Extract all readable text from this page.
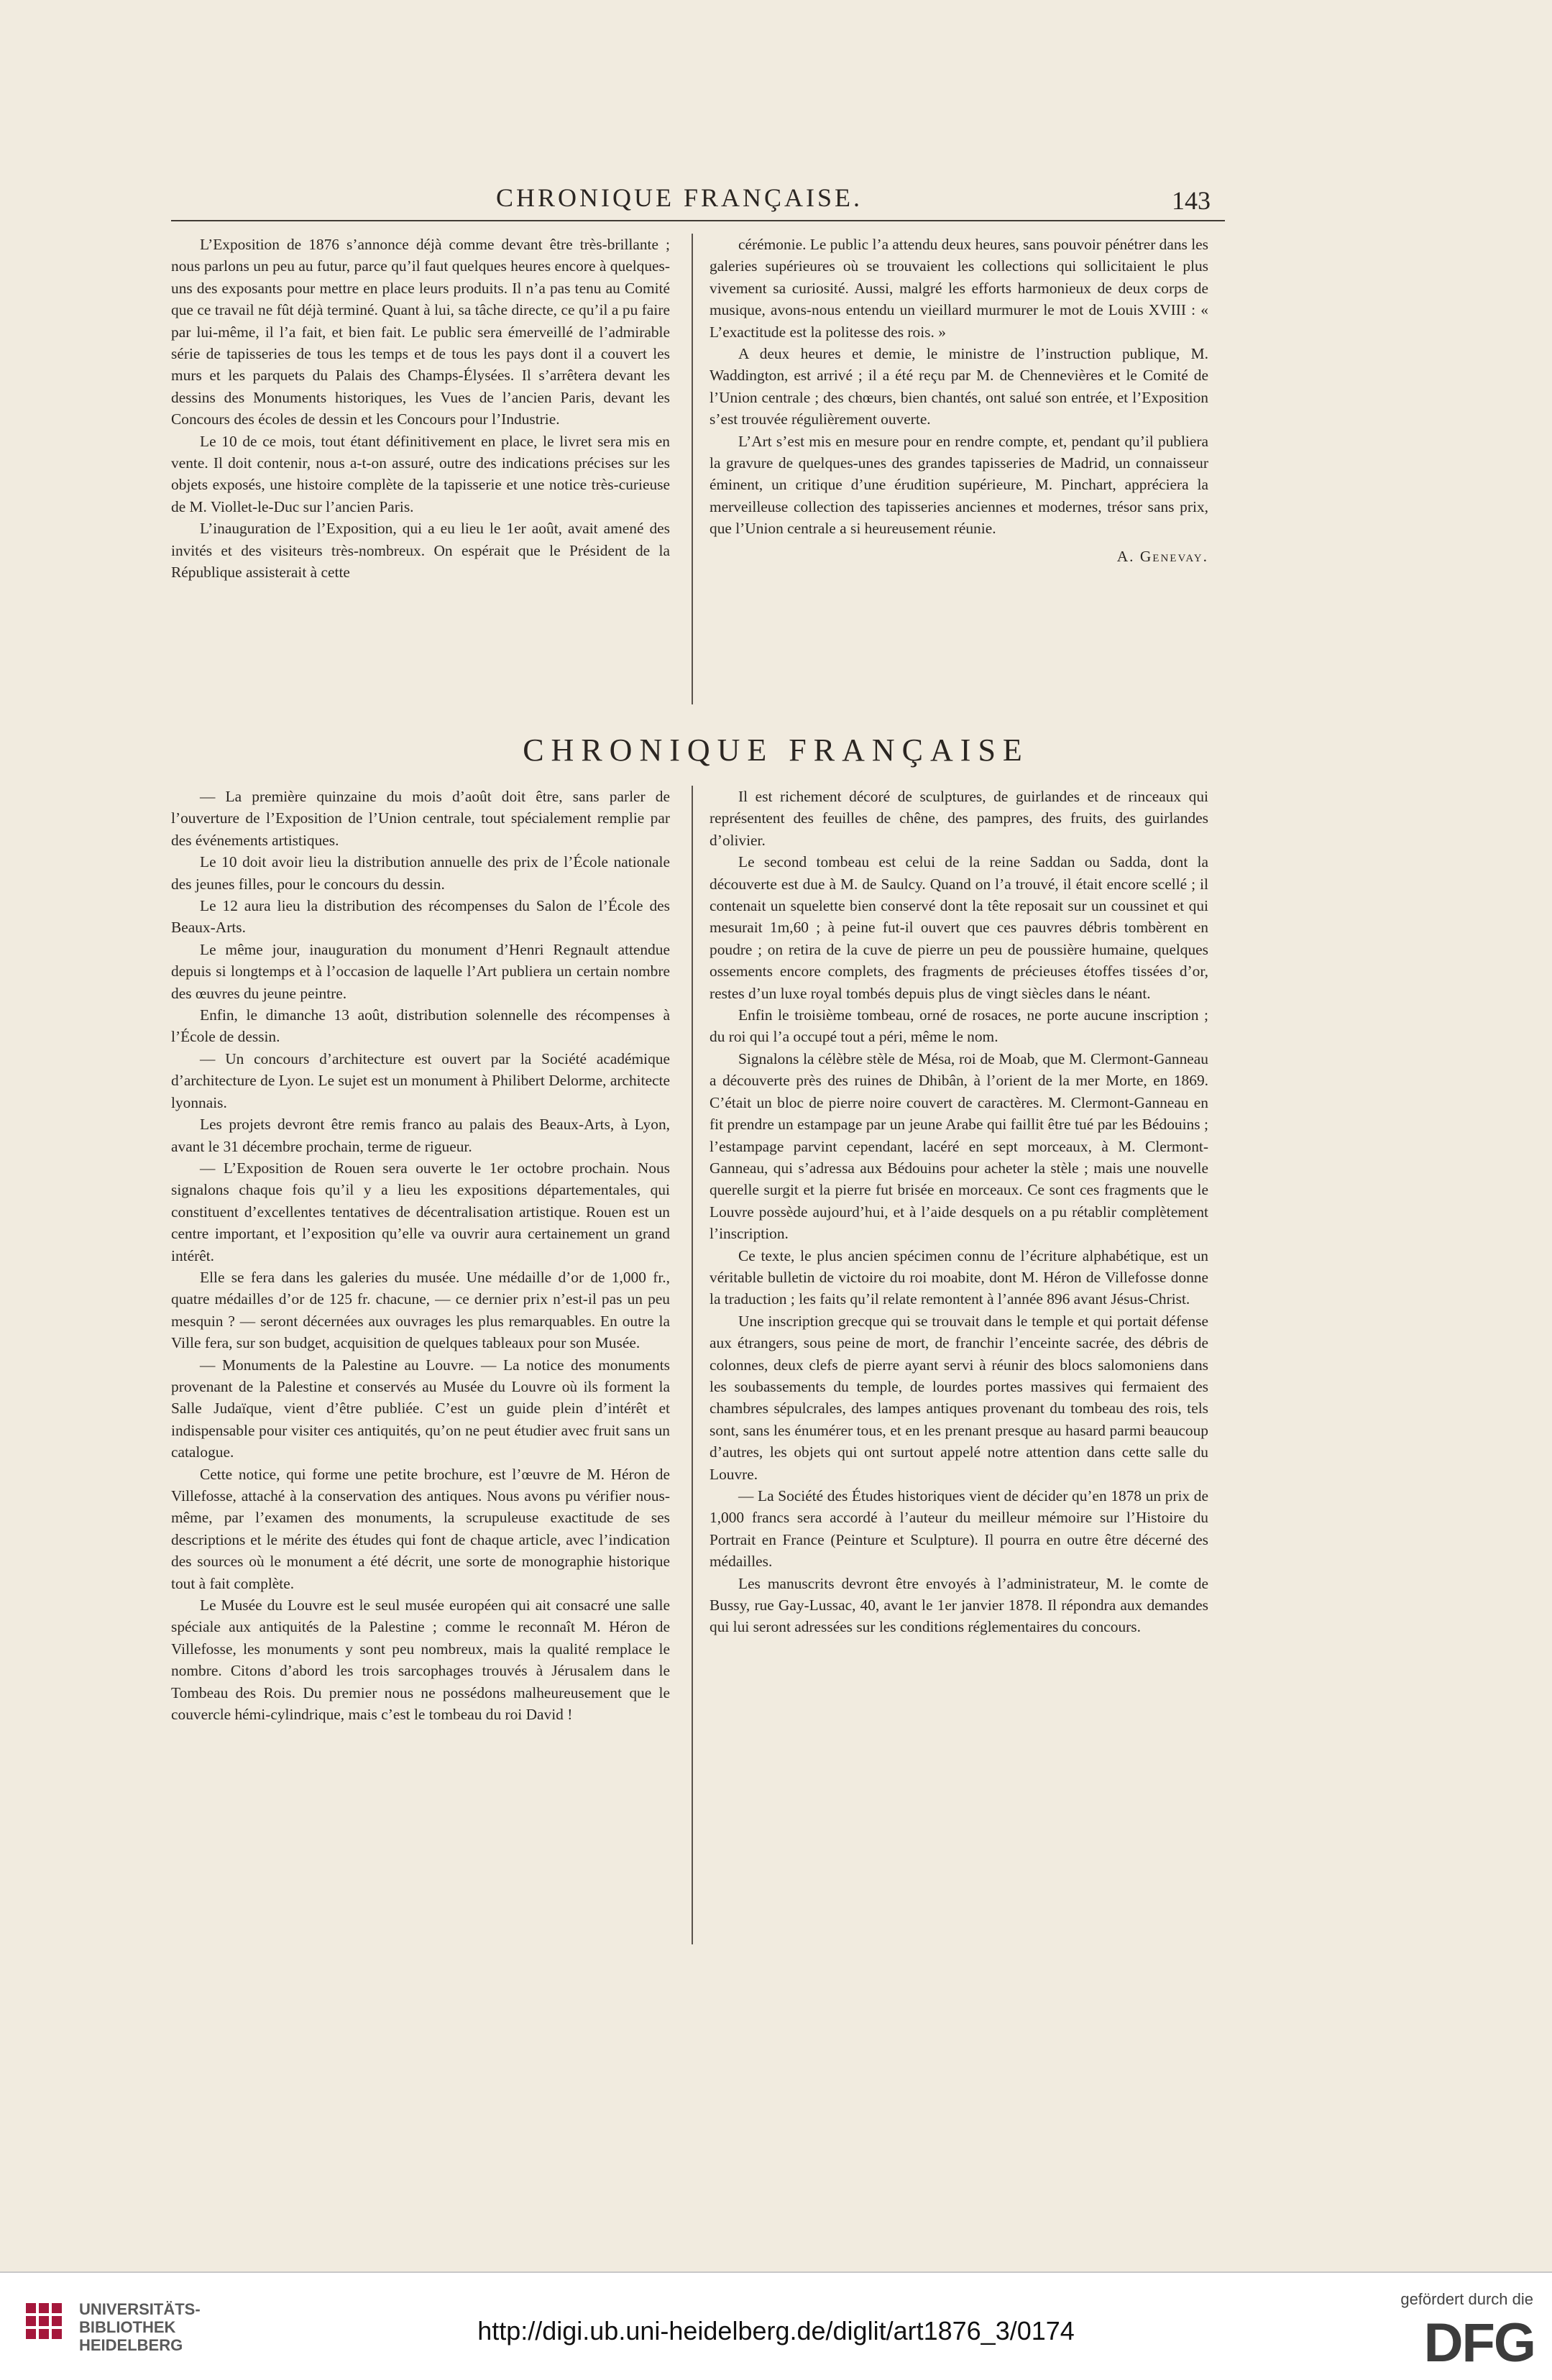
CHRONIQUE FRANÇAISE.	143

L’Exposition de 1876 s’annonce déjà comme devant être très-brillante ; nous parlons un peu au futur, parce qu’il faut quelques heures encore à quelques-uns des exposants pour mettre en place leurs produits. Il n’a pas tenu au Comité que ce travail ne fût déjà terminé. Quant à lui, sa tâche directe, ce qu’il a pu faire par lui-même, il l’a fait, et bien fait. Le public sera émerveillé de l’admirable série de tapisseries de tous les temps et de tous les pays dont il a couvert les murs et les parquets du Palais des Champs-Élysées. Il s’arrêtera devant les dessins des Monuments historiques, les Vues de l’ancien Paris, devant les Concours des écoles de dessin et les Concours pour l’Industrie.

Le 10 de ce mois, tout étant définitivement en place, le livret sera mis en vente. Il doit contenir, nous a-t-on assuré, outre des indications précises sur les objets exposés, une histoire complète de la tapisserie et une notice très-curieuse de M. Viollet-le-Duc sur l’ancien Paris.

L’inauguration de l’Exposition, qui a eu lieu le 1er août, avait amené des invités et des visiteurs très-nombreux. On espérait que le Président de la République assisterait à cette

cérémonie. Le public l’a attendu deux heures, sans pouvoir pénétrer dans les galeries supérieures où se trouvaient les collections qui sollicitaient le plus vivement sa curiosité. Aussi, malgré les efforts harmonieux de deux corps de musique, avons-nous entendu un vieillard murmurer le mot de Louis XVIII : « L’exactitude est la politesse des rois. »

A deux heures et demie, le ministre de l’instruction publique, M. Waddington, est arrivé ; il a été reçu par M. de Chennevières et le Comité de l’Union centrale ; des chœurs, bien chantés, ont salué son entrée, et l’Exposition s’est trouvée régulièrement ouverte.

L’Art s’est mis en mesure pour en rendre compte, et, pendant qu’il publiera la gravure de quelques-unes des grandes tapisseries de Madrid, un connaisseur éminent, un critique d’une érudition supérieure, M. Pinchart, appréciera la merveilleuse collection des tapisseries anciennes et modernes, trésor sans prix, que l’Union centrale a si heureusement réunie.

A. Genevay.

CHRONIQUE FRANÇAISE

— La première quinzaine du mois d’août doit être, sans parler de l’ouverture de l’Exposition de l’Union centrale, tout spécialement remplie par des événements artistiques.

Le 10 doit avoir lieu la distribution annuelle des prix de l’École nationale des jeunes filles, pour le concours du dessin.

Le 12 aura lieu la distribution des récompenses du Salon de l’École des Beaux-Arts.

Le même jour, inauguration du monument d’Henri Regnault attendue depuis si longtemps et à l’occasion de laquelle l’Art publiera un certain nombre des œuvres du jeune peintre.

Enfin, le dimanche 13 août, distribution solennelle des récompenses à l’École de dessin.

— Un concours d’architecture est ouvert par la Société académique d’architecture de Lyon. Le sujet est un monument à Philibert Delorme, architecte lyonnais.

Les projets devront être remis franco au palais des Beaux-Arts, à Lyon, avant le 31 décembre prochain, terme de rigueur.

— L’Exposition de Rouen sera ouverte le 1er octobre prochain. Nous signalons chaque fois qu’il y a lieu les expositions départementales, qui constituent d’excellentes tentatives de décentralisation artistique. Rouen est un centre important, et l’exposition qu’elle va ouvrir aura certainement un grand intérêt.

Elle se fera dans les galeries du musée. Une médaille d’or de 1,000 fr., quatre médailles d’or de 125 fr. chacune, — ce dernier prix n’est-il pas un peu mesquin ? — seront décernées aux ouvrages les plus remarquables. En outre la Ville fera, sur son budget, acquisition de quelques tableaux pour son Musée.

— Monuments de la Palestine au Louvre. — La notice des monuments provenant de la Palestine et conservés au Musée du Louvre où ils forment la Salle Judaïque, vient d’être publiée. C’est un guide plein d’intérêt et indispensable pour visiter ces antiquités, qu’on ne peut étudier avec fruit sans un catalogue.

Cette notice, qui forme une petite brochure, est l’œuvre de M. Héron de Villefosse, attaché à la conservation des antiques. Nous avons pu vérifier nous-même, par l’examen des monuments, la scrupuleuse exactitude de ses descriptions et le mérite des études qui font de chaque article, avec l’indication des sources où le monument a été décrit, une sorte de monographie historique tout à fait complète.

Le Musée du Louvre est le seul musée européen qui ait consacré une salle spéciale aux antiquités de la Palestine ; comme le reconnaît M. Héron de Villefosse, les monuments y sont peu nombreux, mais la qualité remplace le nombre. Citons d’abord les trois sarcophages trouvés à Jérusalem dans le Tombeau des Rois. Du premier nous ne possédons malheureusement que le couvercle hémi-cylindrique, mais c’est le tombeau du roi David !

Il est richement décoré de sculptures, de guirlandes et de rinceaux qui représentent des feuilles de chêne, des pampres, des fruits, des guirlandes d’olivier.

Le second tombeau est celui de la reine Saddan ou Sadda, dont la découverte est due à M. de Saulcy. Quand on l’a trouvé, il était encore scellé ; il contenait un squelette bien conservé dont la tête reposait sur un coussinet et qui mesurait 1m,60 ; à peine fut-il ouvert que ces pauvres débris tombèrent en poudre ; on retira de la cuve de pierre un peu de poussière humaine, quelques ossements encore complets, des fragments de précieuses étoffes tissées d’or, restes d’un luxe royal tombés depuis plus de vingt siècles dans le néant.

Enfin le troisième tombeau, orné de rosaces, ne porte aucune inscription ; du roi qui l’a occupé tout a péri, même le nom.

Signalons la célèbre stèle de Mésa, roi de Moab, que M. Clermont-Ganneau a découverte près des ruines de Dhibân, à l’orient de la mer Morte, en 1869. C’était un bloc de pierre noire couvert de caractères. M. Clermont-Ganneau en fit prendre un estampage par un jeune Arabe qui faillit être tué par les Bédouins ; l’estampage parvint cependant, lacéré en sept morceaux, à M. Clermont-Ganneau, qui s’adressa aux Bédouins pour acheter la stèle ; mais une nouvelle querelle surgit et la pierre fut brisée en morceaux. Ce sont ces fragments que le Louvre possède aujourd’hui, et à l’aide desquels on a pu rétablir complètement l’inscription.

Ce texte, le plus ancien spécimen connu de l’écriture alphabétique, est un véritable bulletin de victoire du roi moabite, dont M. Héron de Villefosse donne la traduction ; les faits qu’il relate remontent à l’année 896 avant Jésus-Christ.

Une inscription grecque qui se trouvait dans le temple et qui portait défense aux étrangers, sous peine de mort, de franchir l’enceinte sacrée, des débris de colonnes, deux clefs de pierre ayant servi à réunir des blocs salomoniens dans les soubassements du temple, de lourdes portes massives qui fermaient des chambres sépulcrales, des lampes antiques provenant du tombeau des rois, tels sont, sans les énumérer tous, et en les prenant presque au hasard parmi beaucoup d’autres, les objets qui ont surtout appelé notre attention dans cette salle du Louvre.

— La Société des Études historiques vient de décider qu’en 1878 un prix de 1,000 francs sera accordé à l’auteur du meilleur mémoire sur l’Histoire du Portrait en France (Peinture et Sculpture). Il pourra en outre être décerné des médailles.

Les manuscrits devront être envoyés à l’administrateur, M. le comte de Bussy, rue Gay-Lussac, 40, avant le 1er janvier 1878. Il répondra aux demandes qui lui seront adressées sur les conditions réglementaires du concours.

UNIVERSITÄTS-
BIBLIOTHEK
HEIDELBERG	http://digi.ub.uni-heidelberg.de/diglit/art1876_3/0174
gefördert durch die
DFG
